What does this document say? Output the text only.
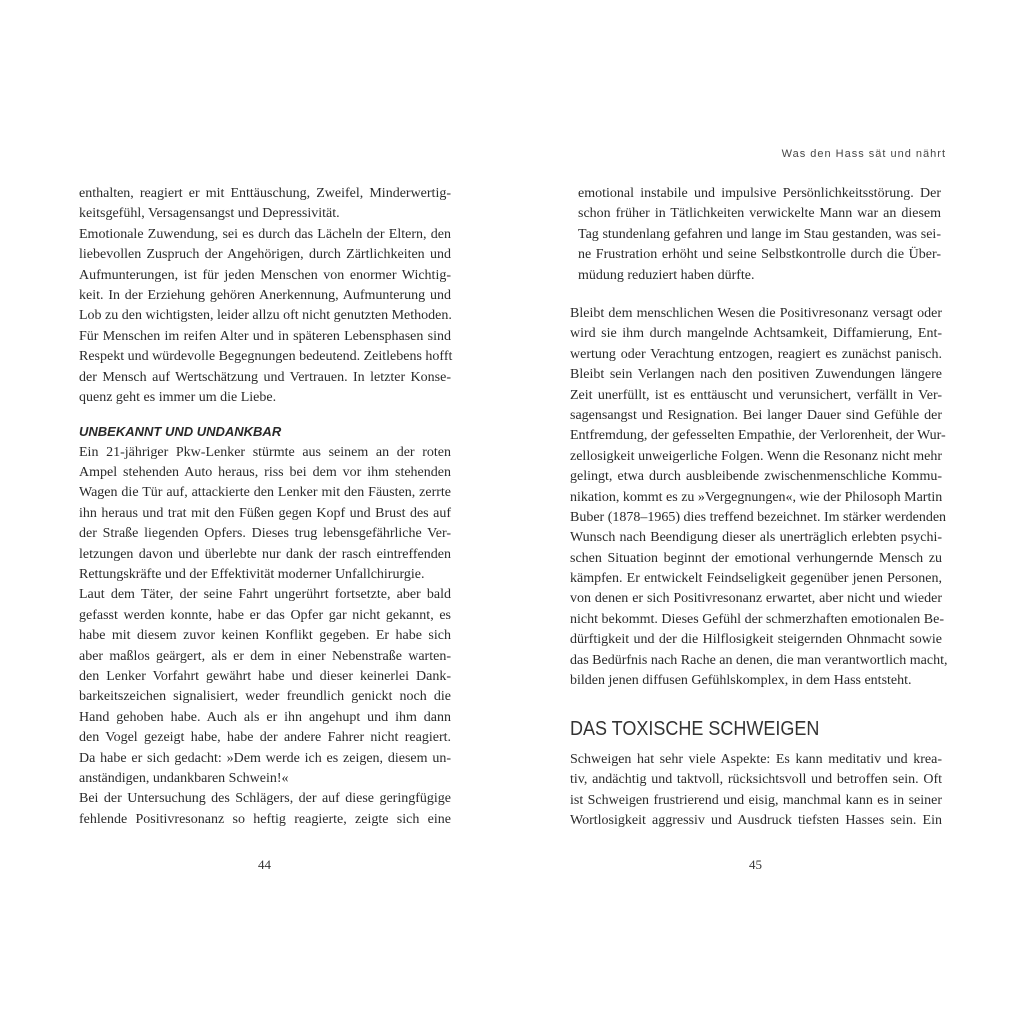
enthalten, reagiert er mit Enttäuschung, Zweifel, Minderwertig-
keitsgefühl, Versagensangst und Depressivität.
Emotionale Zuwendung, sei es durch das Lächeln der Eltern, den
liebevollen Zuspruch der Angehörigen, durch Zärtlichkeiten und
Aufmunterungen, ist für jeden Menschen von enormer Wichtig-
keit. In der Erziehung gehören Anerkennung, Aufmunterung und
Lob zu den wichtigsten, leider allzu oft nicht genutzten Methoden.
Für Menschen im reifen Alter und in späteren Lebensphasen sind
Respekt und würdevolle Begegnungen bedeutend. Zeitlebens hofft
der Mensch auf Wertschätzung und Vertrauen. In letzter Konse-
quenz geht es immer um die Liebe.
UNBEKANNT UND UNDANKBAR
Ein 21-jähriger Pkw-Lenker stürmte aus seinem an der roten
Ampel stehenden Auto heraus, riss bei dem vor ihm stehenden
Wagen die Tür auf, attackierte den Lenker mit den Fäusten, zerrte
ihn heraus und trat mit den Füßen gegen Kopf und Brust des auf
der Straße liegenden Opfers. Dieses trug lebensgefährliche Ver-
letzungen davon und überlebte nur dank der rasch eintreffenden
Rettungskräfte und der Effektivität moderner Unfallchirurgie.
Laut dem Täter, der seine Fahrt ungerührt fortsetzte, aber bald
gefasst werden konnte, habe er das Opfer gar nicht gekannt, es
habe mit diesem zuvor keinen Konflikt gegeben. Er habe sich
aber maßlos geärgert, als er dem in einer Nebenstraße warten-
den Lenker Vorfahrt gewährt habe und dieser keinerlei Dank-
barkeitszeichen signalisiert, weder freundlich genickt noch die
Hand gehoben habe. Auch als er ihn angehupt und ihm dann
den Vogel gezeigt habe, habe der andere Fahrer nicht reagiert.
Da habe er sich gedacht: »Dem werde ich es zeigen, diesem un-
anständigen, undankbaren Schwein!«
Bei der Untersuchung des Schlägers, der auf diese geringfügige
fehlende Positivresonanz so heftig reagierte, zeigte sich eine
44
Was den Hass sät und nährt
emotional instabile und impulsive Persönlichkeitsstörung. Der
schon früher in Tätlichkeiten verwickelte Mann war an diesem
Tag stundenlang gefahren und lange im Stau gestanden, was sei-
ne Frustration erhöht und seine Selbstkontrolle durch die Über-
müdung reduziert haben dürfte.
Bleibt dem menschlichen Wesen die Positivresonanz versagt oder
wird sie ihm durch mangelnde Achtsamkeit, Diffamierung, Ent-
wertung oder Verachtung entzogen, reagiert es zunächst panisch.
Bleibt sein Verlangen nach den positiven Zuwendungen längere
Zeit unerfüllt, ist es enttäuscht und verunsichert, verfällt in Ver-
sagensangst und Resignation. Bei langer Dauer sind Gefühle der
Entfremdung, der gefesselten Empathie, der Verlorenheit, der Wur-
zellosigkeit unweigerliche Folgen. Wenn die Resonanz nicht mehr
gelingt, etwa durch ausbleibende zwischenmenschliche Kommu-
nikation, kommt es zu »Vergegnungen«, wie der Philosoph Martin
Buber (1878–1965) dies treffend bezeichnet. Im stärker werdenden
Wunsch nach Beendigung dieser als unerträglich erlebten psychi-
schen Situation beginnt der emotional verhungernde Mensch zu
kämpfen. Er entwickelt Feindseligkeit gegenüber jenen Personen,
von denen er sich Positivresonanz erwartet, aber nicht und wieder
nicht bekommt. Dieses Gefühl der schmerzhaften emotionalen Be-
dürftigkeit und der die Hilflosigkeit steigernden Ohnmacht sowie
das Bedürfnis nach Rache an denen, die man verantwortlich macht,
bilden jenen diffusen Gefühlskomplex, in dem Hass entsteht.
DAS TOXISCHE SCHWEIGEN
Schweigen hat sehr viele Aspekte: Es kann meditativ und krea-
tiv, andächtig und taktvoll, rücksichtsvoll und betroffen sein. Oft
ist Schweigen frustrierend und eisig, manchmal kann es in seiner
Wortlosigkeit aggressiv und Ausdruck tiefsten Hasses sein. Ein
45
